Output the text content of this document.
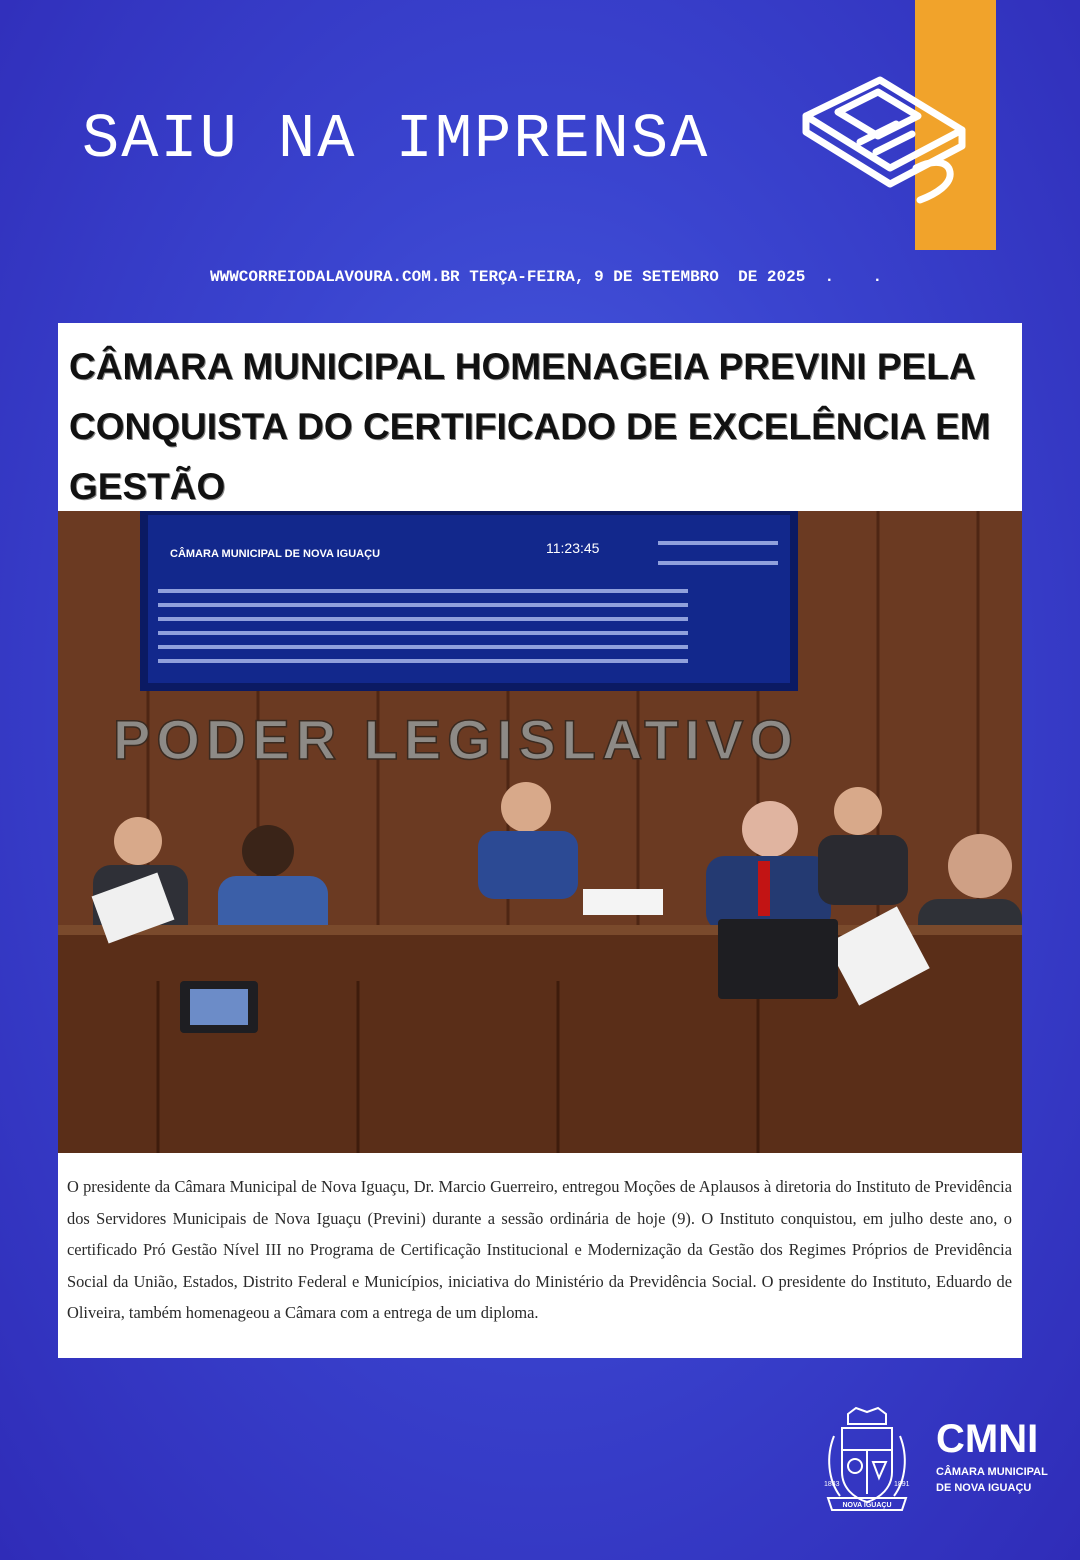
SAIU NA IMPRENSA
WWWCORREIODALAVOURA.COM.BR TERÇA-FEIRA, 9 DE SETEMBRO  DE 2025  .    .
CÂMARA MUNICIPAL HOMENAGEIA PREVINI PELA CONQUISTA DO CERTIFICADO DE EXCELÊNCIA EM GESTÃO
CÂMARA MUNICIPAL DE NOVA IGUAÇU	11:23:45
PODER LEGISLATIVO
O presidente da Câmara Municipal de Nova Iguaçu, Dr. Marcio Guerreiro, entregou Moções de Aplausos à diretoria do Instituto de Previdência dos Servidores Municipais de Nova Iguaçu (Previni) durante a sessão ordinária de hoje (9). O Instituto conquistou, em julho deste ano, o certificado Pró Gestão Nível III no Programa de Certificação Institucional e Modernização da Gestão dos Regimes Próprios de Previdência Social da União, Estados, Distrito Federal e Municípios, iniciativa do Ministério da Previdência Social. O presidente do Instituto, Eduardo de Oliveira, também homenageou a Câmara com a entrega de um diploma.
1833	1891
NOVA IGUAÇU
CMNI
CÂMARA MUNICIPAL
DE NOVA IGUAÇU
